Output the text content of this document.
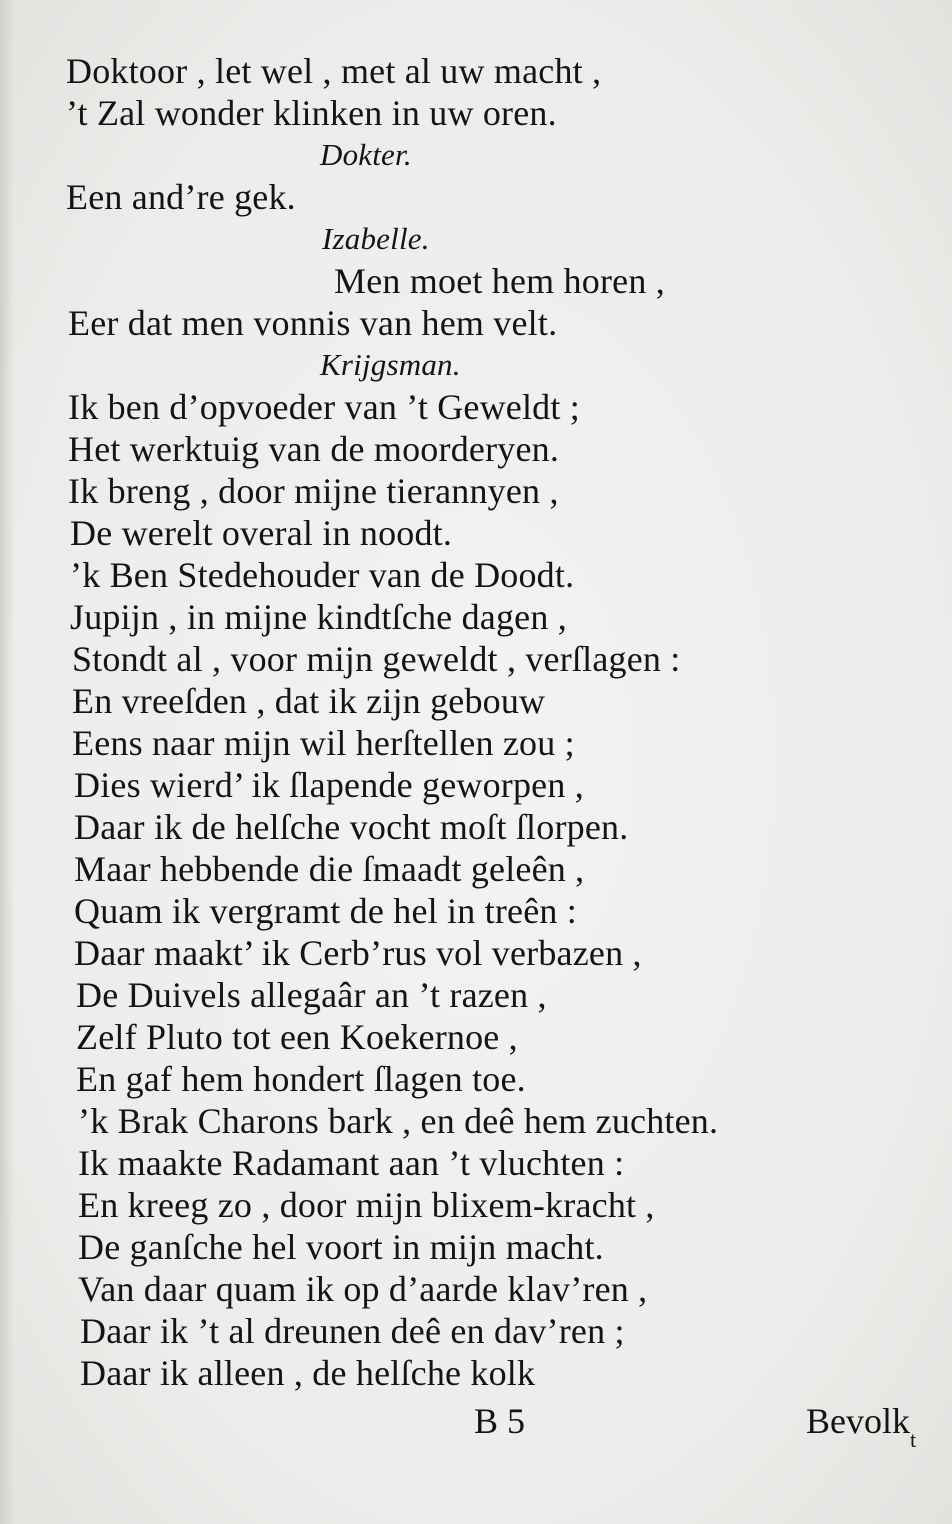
Doktoor , let wel , met al uw macht ,
’t Zal wonder klinken in uw oren.
Dokter.
Een and’re gek.
Izabelle.
Men moet hem horen ,
Eer dat men vonnis van hem velt.
Krijgsman.
Ik ben d’opvoeder van ’t Geweldt ;
Het werktuig van de moorderyen.
Ik breng , door mijne tierannyen ,
De werelt overal in noodt.
’k Ben Stedehouder van de Doodt.
Jupijn , in mijne kindtſche dagen ,
Stondt al , voor mijn geweldt , verſlagen :
En vreeſden , dat ik zijn gebouw
Eens naar mijn wil herſtellen zou ;
Dies wierd’ ik ſlapende geworpen ,
Daar ik de helſche vocht moſt ſlorpen.
Maar hebbende die ſmaadt geleên ,
Quam ik vergramt de hel in treên :
Daar maakt’ ik Cerb’rus vol verbazen ,
De Duivels allegaâr an ’t razen ,
Zelf Pluto tot een Koekernoe ,
En gaf hem hondert ſlagen toe.
’k Brak Charons bark , en deê hem zuchten.
Ik maakte Radamant aan ’t vluchten :
En kreeg zo , door mijn blixem-kracht ,
De ganſche hel voort in mijn macht.
Van daar quam ik op d’aarde klav’ren ,
Daar ik ’t al dreunen deê en dav’ren ;
Daar ik alleen , de helſche kolk
B 5	Bevolk$_t$
